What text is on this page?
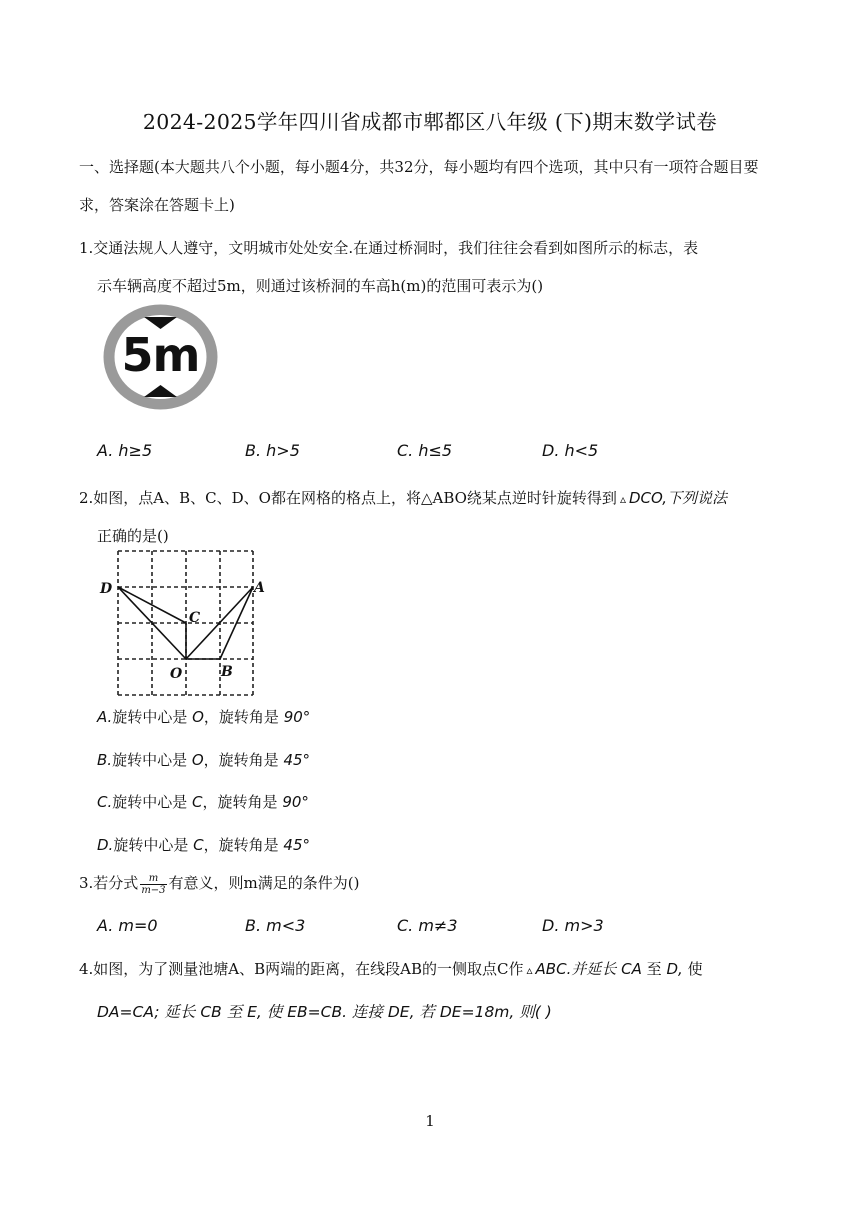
2024-2025学年四川省成都市郫都区八年级 (下)期末数学试卷
一、选择题(本大题共八个小题，每小题4分，共32分，每小题均有四个选项，其中只有一项符合题目要
求，答案涂在答题卡上)
1.交通法规人人遵守，文明城市处处安全.在通过桥洞时，我们往往会看到如图所示的标志，表
示车辆高度不超过5m，则通过该桥洞的车高h(m)的范围可表示为()
5m
A. h≥5	B. h>5	C. h≤5	D. h<5
2.如图，点A、B、C、D、O都在网格的格点上，将△ABO绕某点逆时针旋转得到 ▵ DCO,下列说法
正确的是()
D	A
C
O	B
A.旋转中心是 O，旋转角是 90°
B.旋转中心是 O，旋转角是 45°
C.旋转中心是 C，旋转角是 90°
D.旋转中心是 C，旋转角是 45°
3.若分式 $\frac{m}{m-3}$ 有意义，则m满足的条件为()
A. m=0	B. m<3	C. m≠3	D. m>3
4.如图，为了测量池塘A、B两端的距离，在线段AB的一侧取点C作 ▵ ABC.并延长 CA 至 D, 使
DA=CA; 延长 CB 至 E, 使 EB=CB. 连接 DE, 若 DE=18m, 则( )
1
